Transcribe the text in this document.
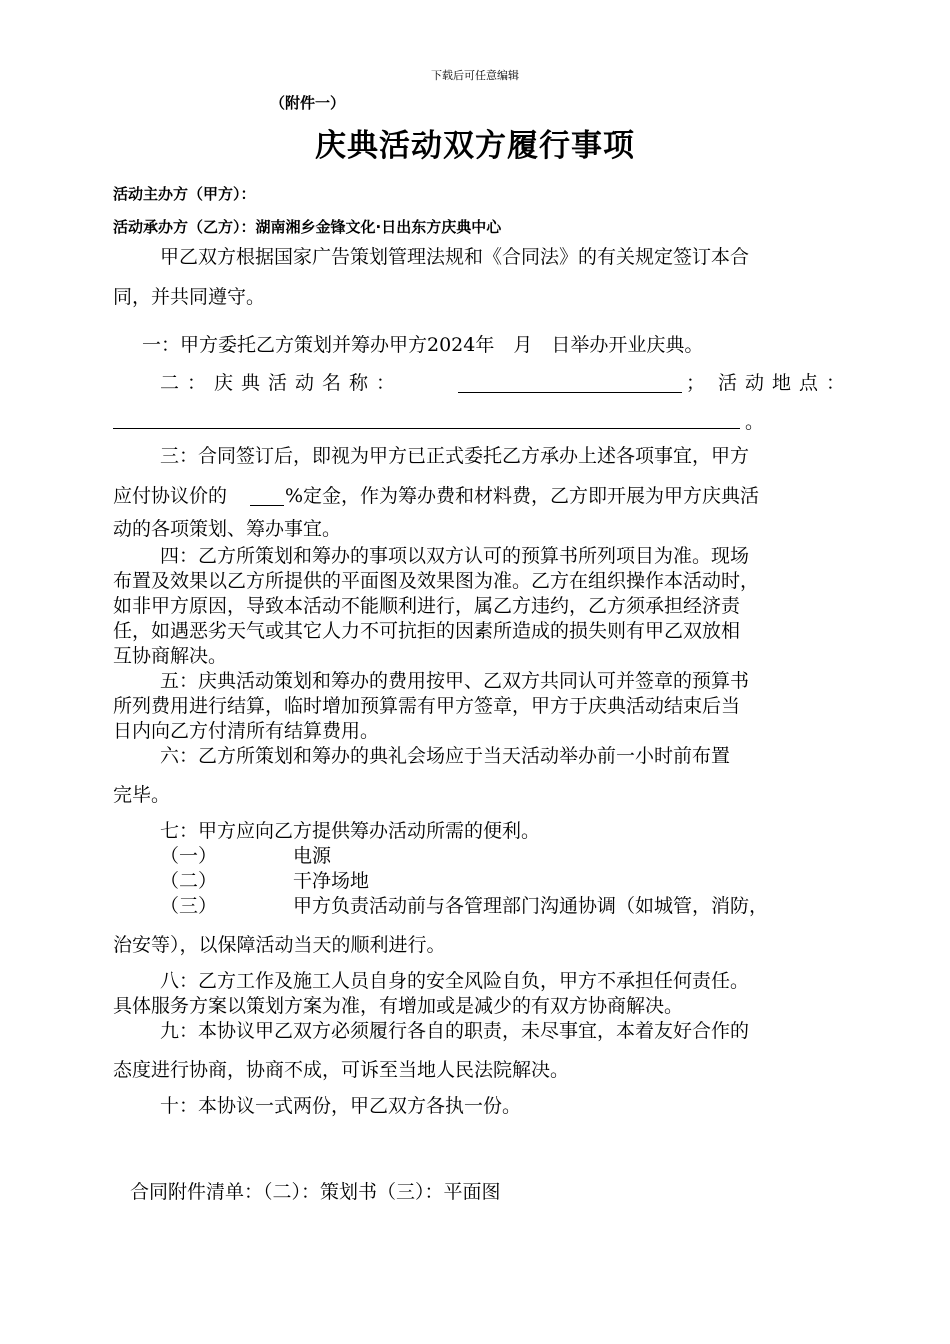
下载后可任意编辑
（附件一）
庆典活动双方履行事项
活动主办方（甲方）：
活动承办方（乙方）：湖南湘乡金锋文化·日出东方庆典中心
甲乙双方根据国家广告策划管理法规和《合同法》的有关规定签订本合
同，并共同遵守。
一：甲方委托乙方策划并筹办甲方2024年　月　日举办开业庆典。
二：庆典活动名称：	； 活动地点：
。
三：合同签订后，即视为甲方已正式委托乙方承办上述各项事宜，甲方
应付协议价的	%定金，作为筹办费和材料费，乙方即开展为甲方庆典活
动的各项策划、筹办事宜。
四：乙方所策划和筹办的事项以双方认可的预算书所列项目为准。现场
布置及效果以乙方所提供的平面图及效果图为准。乙方在组织操作本活动时，
如非甲方原因，导致本活动不能顺利进行，属乙方违约，乙方须承担经济责
任，如遇恶劣天气或其它人力不可抗拒的因素所造成的损失则有甲乙双放相
互协商解决。
五：庆典活动策划和筹办的费用按甲、乙双方共同认可并签章的预算书
所列费用进行结算，临时增加预算需有甲方签章，甲方于庆典活动结束后当
日内向乙方付清所有结算费用。
六：乙方所策划和筹办的典礼会场应于当天活动举办前一小时前布置
完毕。
七：甲方应向乙方提供筹办活动所需的便利。
（一）	电源
（二）	干净场地
（三）	甲方负责活动前与各管理部门沟通协调（如城管，消防，
治安等），以保障活动当天的顺利进行。
八：乙方工作及施工人员自身的安全风险自负，甲方不承担任何责任。
具体服务方案以策划方案为准，有增加或是减少的有双方协商解决。
九：本协议甲乙双方必须履行各自的职责，未尽事宜，本着友好合作的
态度进行协商，协商不成，可诉至当地人民法院解决。
十：本协议一式两份，甲乙双方各执一份。
合同附件清单：（二）：策划书（三）：平面图
